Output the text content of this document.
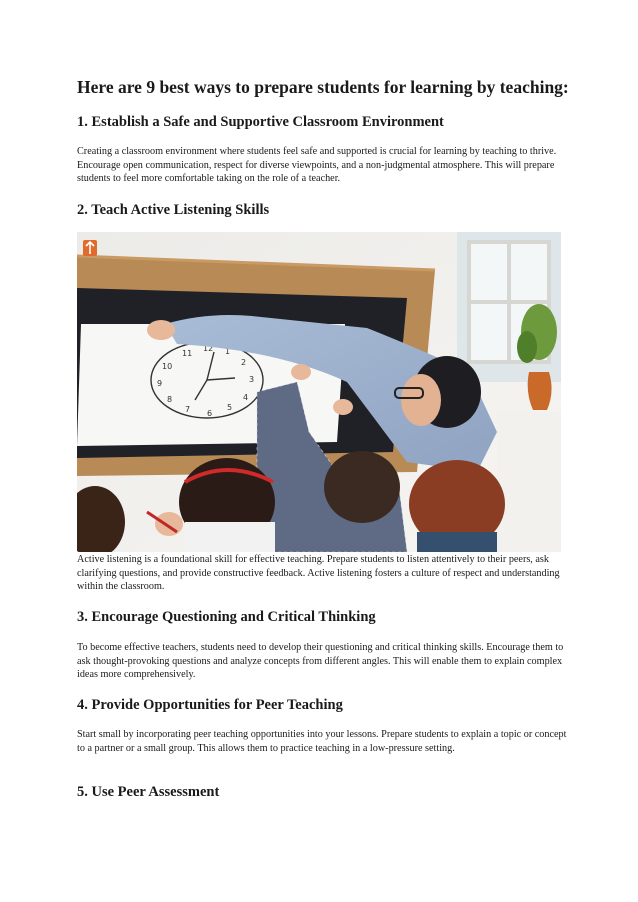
Here are 9 best ways to prepare students for learning by teaching:
1. Establish a Safe and Supportive Classroom Environment

Creating a classroom environment where students feel safe and supported is crucial for learning by teaching to thrive. Encourage open communication, respect for diverse viewpoints, and a non-judgmental atmosphere. This will prepare students to feel more comfortable taking on the role of a teacher.

2. Teach Active Listening Skills
12
11
10
9
8
7 6
5
4
3
2
1

Active listening is a foundational skill for effective teaching. Prepare students to listen attentively to their peers, ask clarifying questions, and provide constructive feedback. Active listening fosters a culture of respect and understanding within the classroom.

3. Encourage Questioning and Critical Thinking

To become effective teachers, students need to develop their questioning and critical thinking skills. Encourage them to ask thought-provoking questions and analyze concepts from different angles. This will enable them to explain complex ideas more comprehensively.

4. Provide Opportunities for Peer Teaching

Start small by incorporating peer teaching opportunities into your lessons. Prepare students to explain a topic or concept to a partner or a small group. This allows them to practice teaching in a low-pressure setting.

5. Use Peer Assessment
